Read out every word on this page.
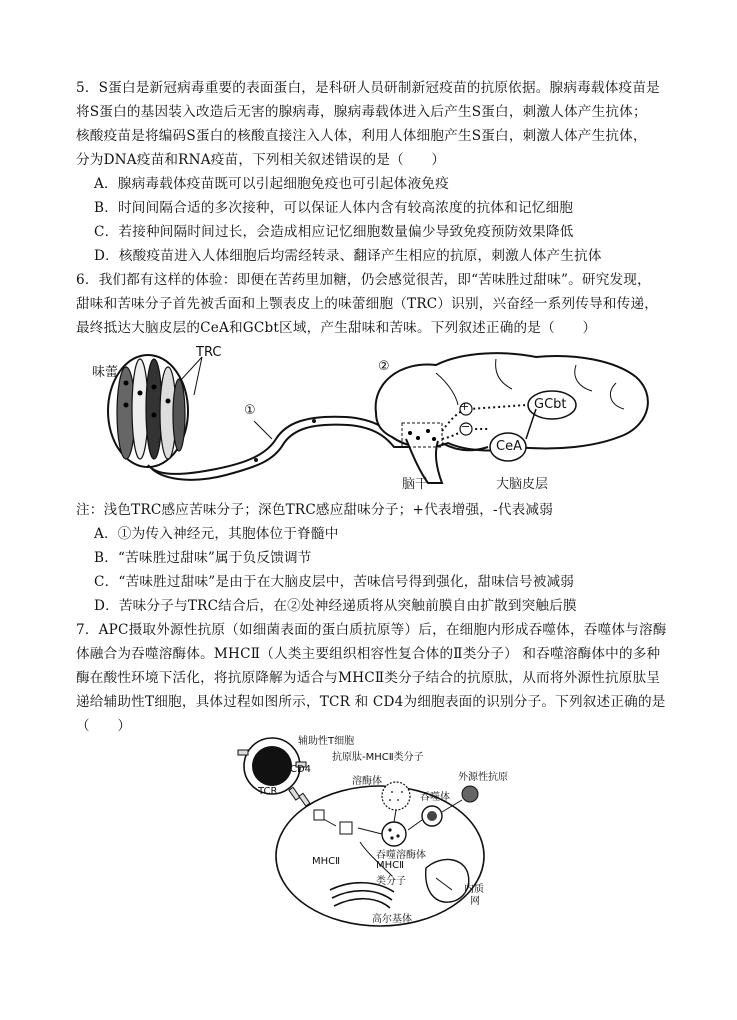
5．S蛋白是新冠病毒重要的表面蛋白，是科研人员研制新冠疫苗的抗原依据。腺病毒载体疫苗是
将S蛋白的基因装入改造后无害的腺病毒，腺病毒载体进入后产生S蛋白，刺激人体产生抗体；
核酸疫苗是将编码S蛋白的核酸直接注入人体，利用人体细胞产生S蛋白，刺激人体产生抗体，
分为DNA疫苗和RNA疫苗，下列相关叙述错误的是（　　）
A．腺病毒载体疫苗既可以引起细胞免疫也可引起体液免疫
B．时间间隔合适的多次接种，可以保证人体内含有较高浓度的抗体和记忆细胞
C．若接种间隔时间过长，会造成相应记忆细胞数量偏少导致免疫预防效果降低
D．核酸疫苗进入人体细胞后均需经转录、翻译产生相应的抗原，刺激人体产生抗体
6．我们都有这样的体验：即便在苦药里加糖，仍会感觉很苦，即“苦味胜过甜味”。研究发现，
甜味和苦味分子首先被舌面和上颚表皮上的味蕾细胞（TRC）识别，兴奋经一系列传导和传递，
最终抵达大脑皮层的CeA和GCbt区域，产生甜味和苦味。下列叙述正确的是（　　）
味蕾
TRC
①
②
+
−
GCbt
CeA
脑干	大脑皮层
注：浅色TRC感应苦味分子；深色TRC感应甜味分子；+代表增强，-代表减弱
A．①为传入神经元，其胞体位于脊髓中
B．“苦味胜过甜味”属于负反馈调节
C．“苦味胜过甜味”是由于在大脑皮层中，苦味信号得到强化，甜味信号被减弱
D．苦味分子与TRC结合后，在②处神经递质将从突触前膜自由扩散到突触后膜
7．APC摄取外源性抗原（如细菌表面的蛋白质抗原等）后，在细胞内形成吞噬体，吞噬体与溶酶
体融合为吞噬溶酶体。MHCⅡ（人类主要组织相容性复合体的Ⅱ类分子） 和吞噬溶酶体中的多种
酶在酸性环境下活化，将抗原降解为适合与MHCⅡ类分子结合的抗原肽，从而将外源性抗原肽呈
递给辅助性T细胞，具体过程如图所示，TCR 和 CD4为细胞表面的识别分子。下列叙述正确的是
（　　）
辅助性T细胞
抗原肽-MHCⅡ类分子
CD4
TCR
溶酶体	外源性抗原
吞噬体
吞噬溶酶体
MHCⅡ	MHCⅡ
类分子
内质
网
高尔基体
